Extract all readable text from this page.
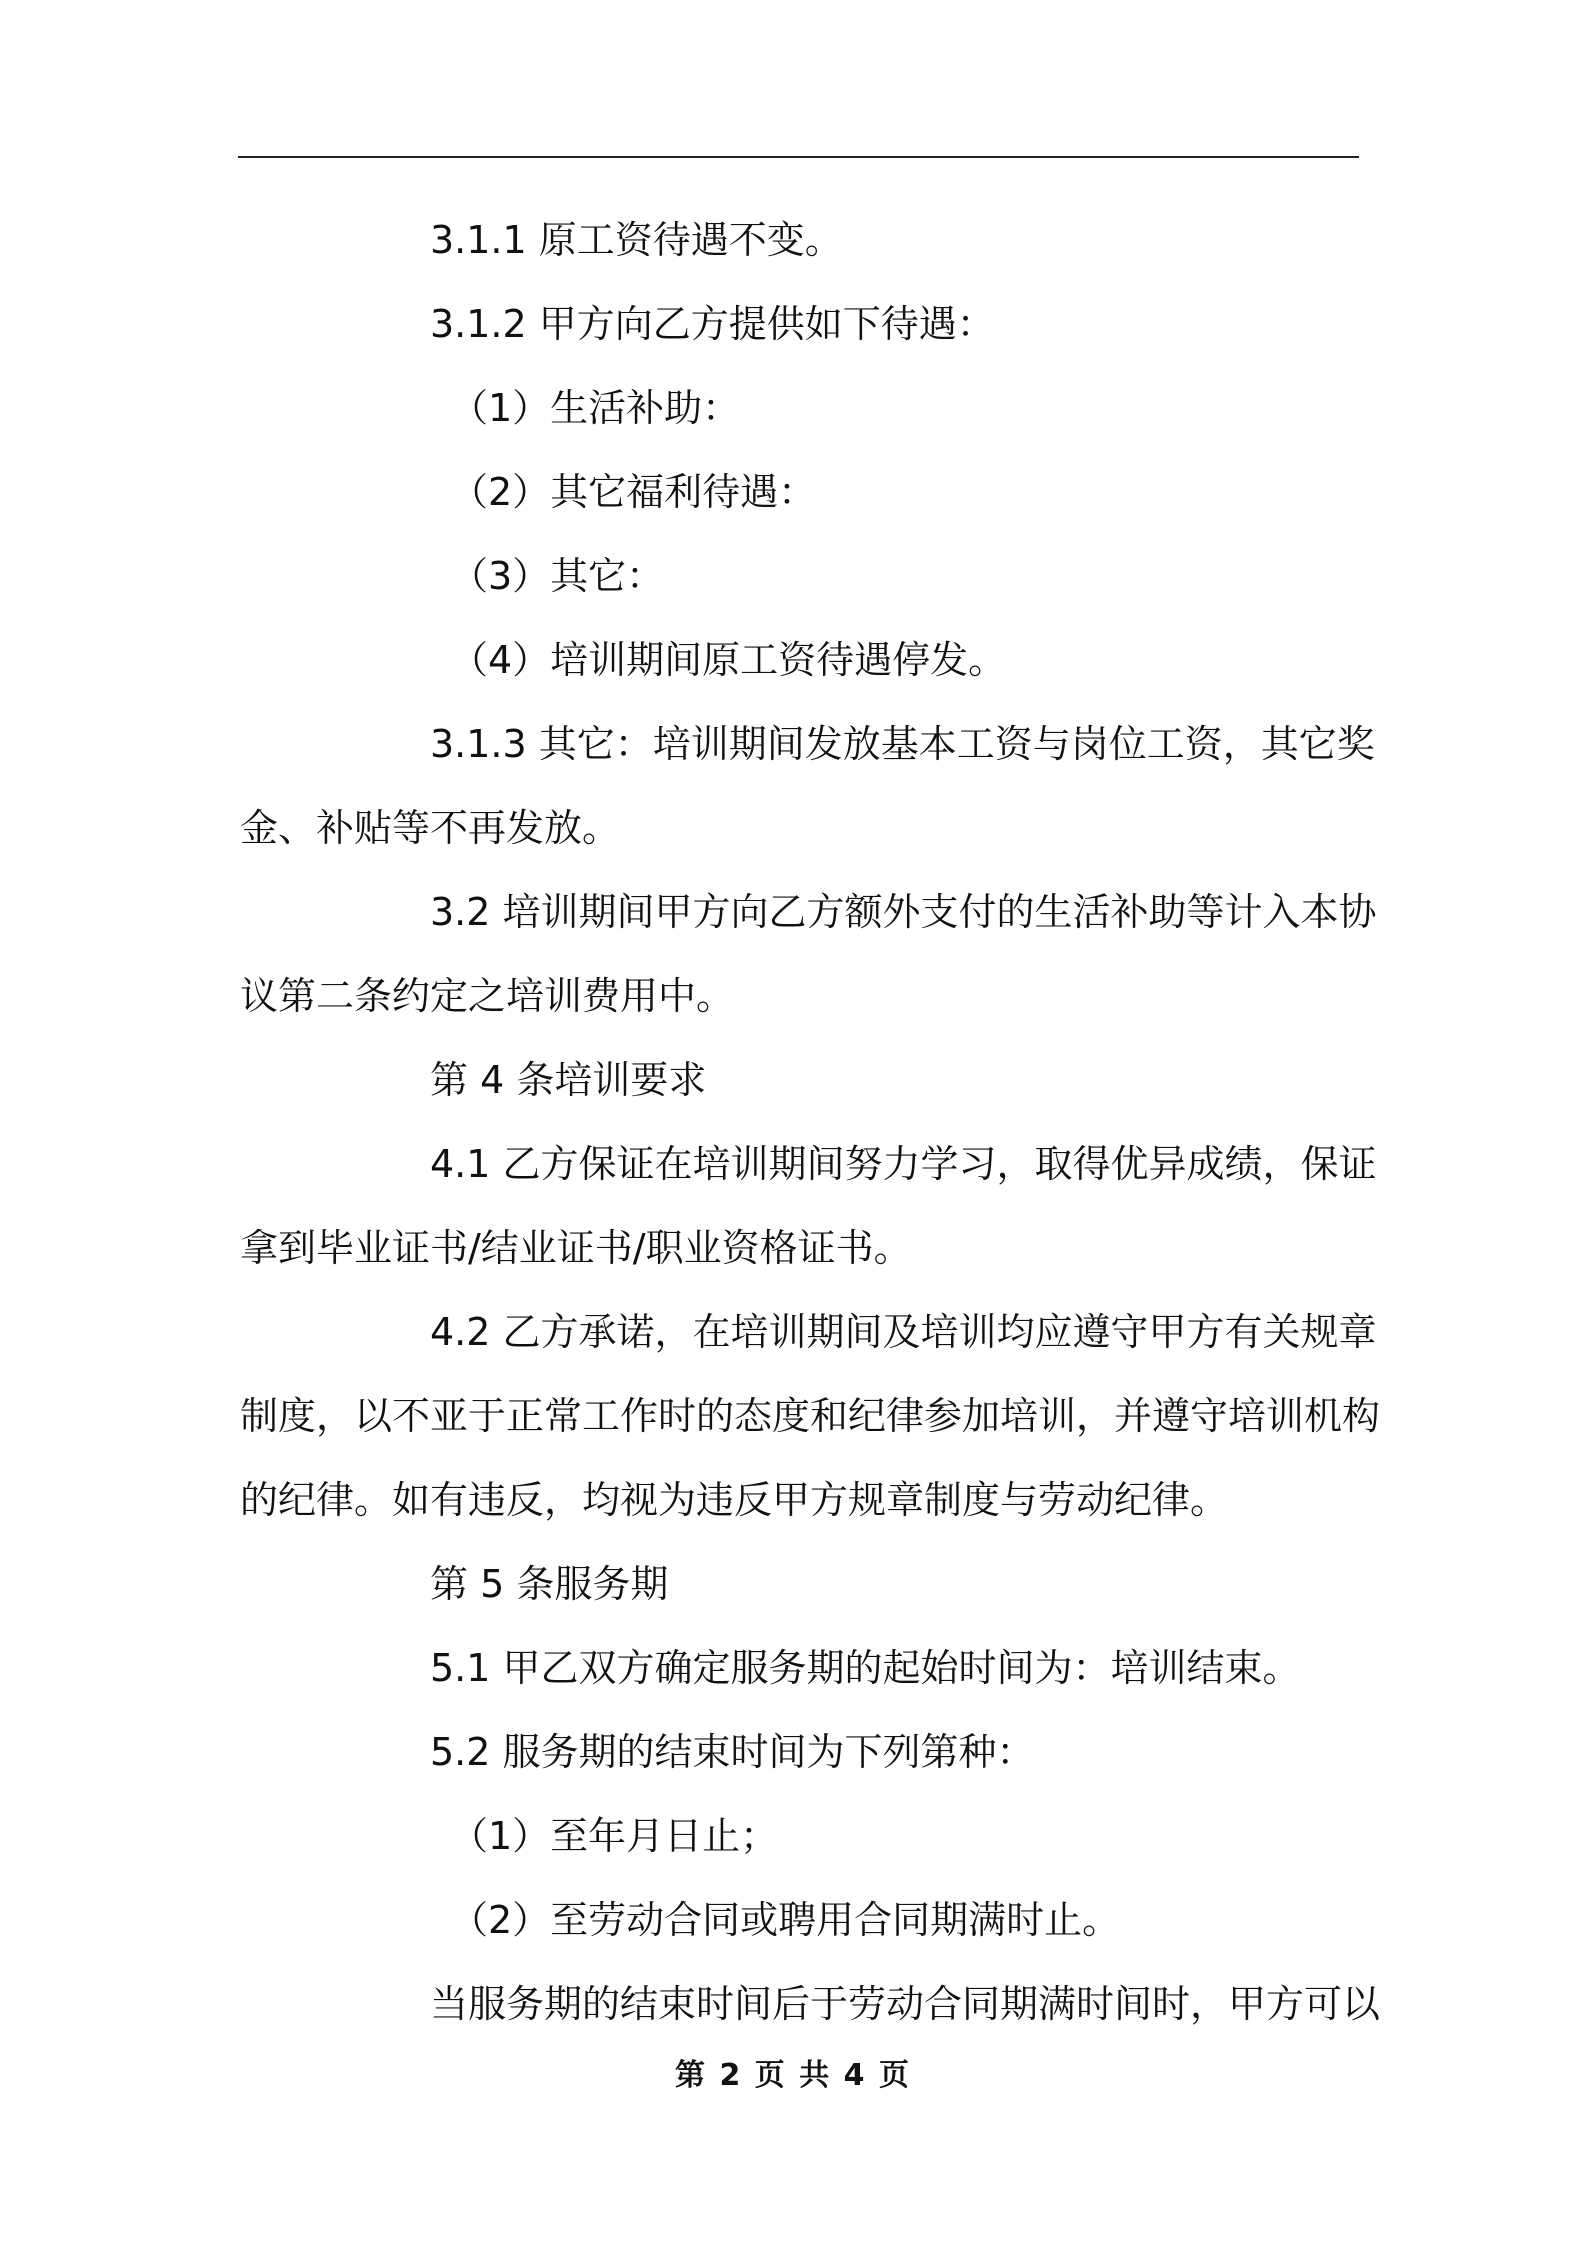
3.1.1 原工资待遇不变。

3.1.2 甲方向乙方提供如下待遇：

（1）生活补助：

（2）其它福利待遇：

（3）其它：

（4）培训期间原工资待遇停发。

3.1.3 其它：培训期间发放基本工资与岗位工资，其它奖

金、补贴等不再发放。

3.2 培训期间甲方向乙方额外支付的生活补助等计入本协

议第二条约定之培训费用中。

第 4 条培训要求

4.1 乙方保证在培训期间努力学习，取得优异成绩，保证

拿到毕业证书/结业证书/职业资格证书。

4.2 乙方承诺，在培训期间及培训均应遵守甲方有关规章

制度，以不亚于正常工作时的态度和纪律参加培训，并遵守培训机构

的纪律。如有违反，均视为违反甲方规章制度与劳动纪律。

第 5 条服务期

5.1 甲乙双方确定服务期的起始时间为：培训结束。

5.2 服务期的结束时间为下列第种：

（1）至年月日止；

（2）至劳动合同或聘用合同期满时止。

当服务期的结束时间后于劳动合同期满时间时，甲方可以

第 2 页 共 4 页
